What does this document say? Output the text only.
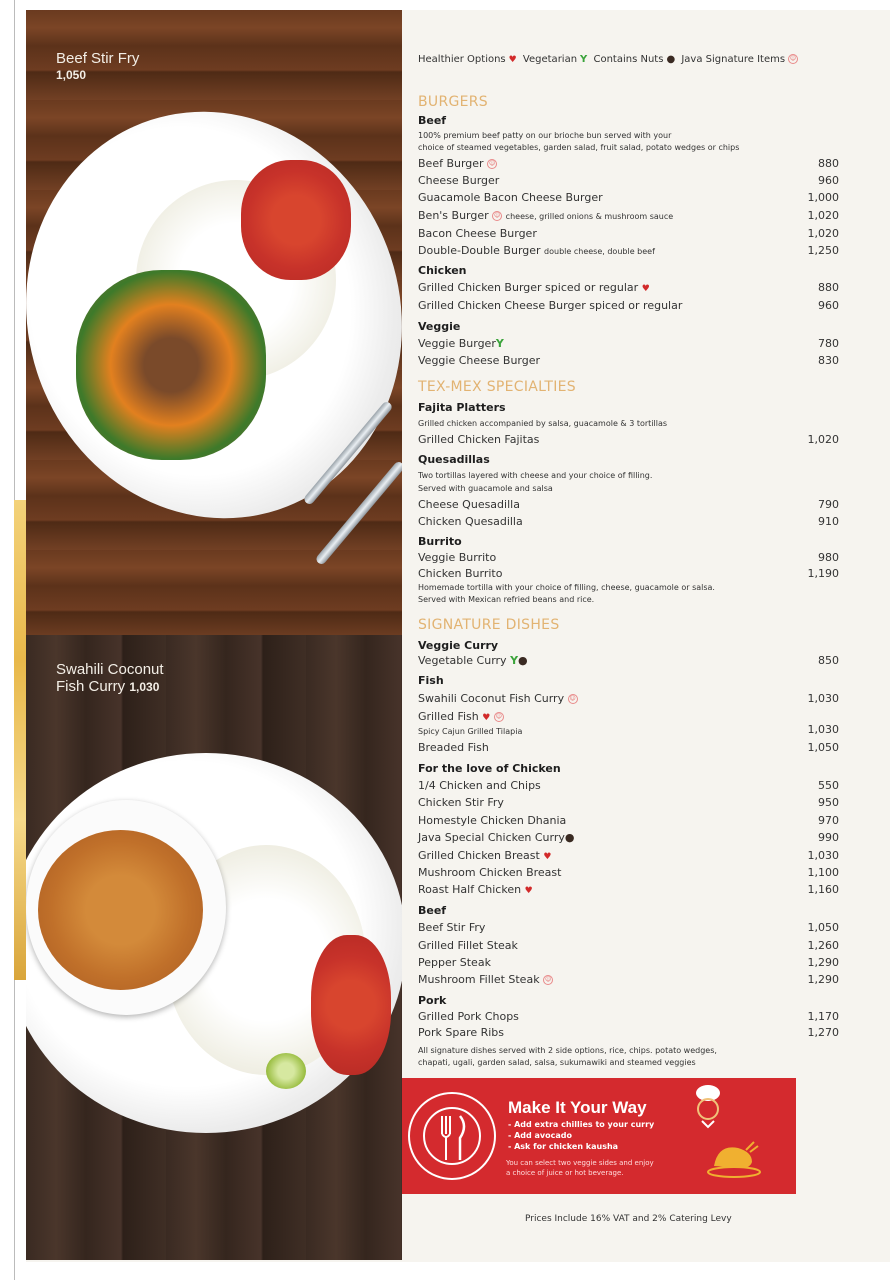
Beef Stir Fry
1,050
Swahili Coconut
Fish Curry 1,030
Healthier Options ♥ Vegetarian Y Contains Nuts ● Java Signature Items ☺
BURGERS
Beef
100% premium beef patty on our brioche bun served with your
choice of steamed vegetables, garden salad, fruit salad, potato wedges or chips
Beef Burger ☺	880
Cheese Burger	960
Guacamole Bacon Cheese Burger	1,000
Ben's Burger ☺ cheese, grilled onions & mushroom sauce	1,020
Bacon Cheese Burger	1,020
Double-Double Burger double cheese, double beef	1,250
Chicken
Grilled Chicken Burger spiced or regular ♥	880
Grilled Chicken Cheese Burger spiced or regular	960
Veggie
Veggie BurgerY	780
Veggie Cheese Burger	830
TEX-MEX SPECIALTIES
Fajita Platters
Grilled chicken accompanied by salsa, guacamole & 3 tortillas
Grilled Chicken Fajitas	1,020
Quesadillas
Two tortillas layered with cheese and your choice of filling.
Served with guacamole and salsa
Cheese Quesadilla	790
Chicken Quesadilla	910
Burrito
Veggie Burrito	980
Chicken Burrito	1,190
Homemade tortilla with your choice of filling, cheese, guacamole or salsa.
Served with Mexican refried beans and rice.
SIGNATURE DISHES
Veggie Curry
Vegetable Curry Y●	850
Fish
Swahili Coconut Fish Curry ☺	1,030
Grilled Fish ♥ ☺
Spicy Cajun Grilled Tilapia	1,030
Breaded Fish	1,050
For the love of Chicken
1/4 Chicken and Chips	550
Chicken Stir Fry	950
Homestyle Chicken Dhania	970
Java Special Chicken Curry●	990
Grilled Chicken Breast ♥	1,030
Mushroom Chicken Breast	1,100
Roast Half Chicken ♥	1,160
Beef
Beef Stir Fry	1,050
Grilled Fillet Steak	1,260
Pepper Steak	1,290
Mushroom Fillet Steak ☺	1,290
Pork
Grilled Pork Chops	1,170
Pork Spare Ribs	1,270
All signature dishes served with 2 side options, rice, chips. potato wedges,
chapati, ugali, garden salad, salsa, sukumawiki and steamed veggies
Make It Your Way
- Add extra chillies to your curry
- Add avocado
- Ask for chicken kausha
You can select two veggie sides and enjoy
a choice of juice or hot beverage.
Prices Include 16% VAT and 2% Catering Levy
